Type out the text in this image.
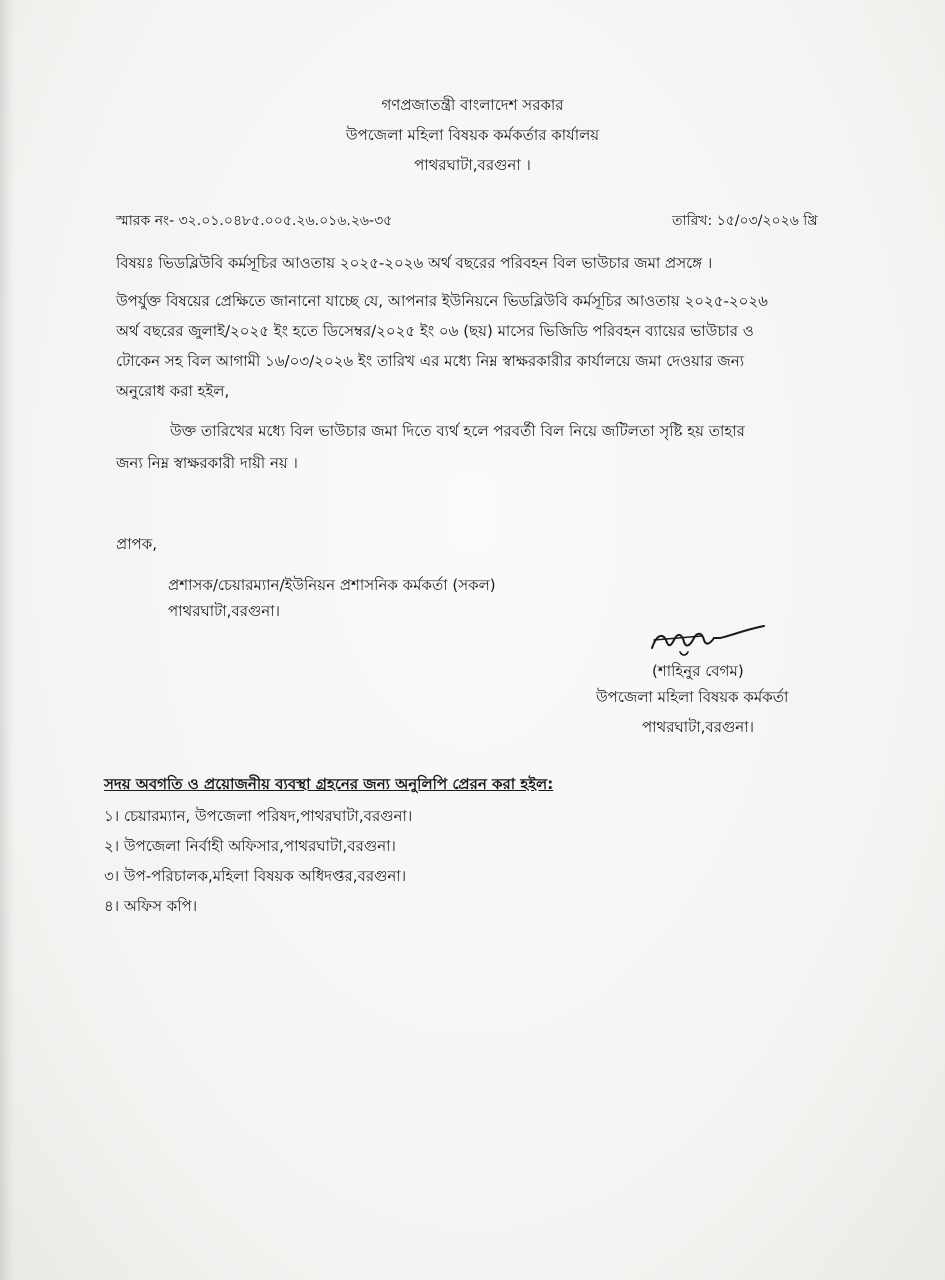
গণপ্রজাতন্ত্রী বাংলাদেশ সরকার
উপজেলা মহিলা বিষয়ক কর্মকর্তার কার্যালয়
পাথরঘাটা,বরগুনা ।
স্মারক নং- ৩২.০১.০৪৮৫.০০৫.২৬.০১৬.২৬-৩৫	তারিখ: ১৫/০৩/২০২৬ খ্রি
বিষয়ঃ ভিডব্লিউবি কর্মসূচির আওতায় ২০২৫-২০২৬ অর্থ বছরের পরিবহন বিল ভাউচার জমা প্রসঙ্গে ।
উপর্যুক্ত বিষয়ের প্রেক্ষিতে জানানো যাচ্ছে যে, আপনার ইউনিয়নে ভিডব্লিউবি কর্মসূচির আওতায় ২০২৫-২০২৬
অর্থ বছরের জুলাই/২০২৫ ইং হতে ডিসেম্বর/২০২৫ ইং ০৬ (ছয়) মাসের ভিজিডি পরিবহন ব্যায়ের ভাউচার ও
টোকেন সহ বিল আগামী ১৬/০৩/২০২৬ ইং তারিখ এর মধ্যে নিম্ন স্বাক্ষরকারীর কার্যালয়ে জমা দেওয়ার জন্য
অনুরোধ করা হইল,
উক্ত তারিখের মধ্যে বিল ভাউচার জমা দিতে ব্যর্থ হলে পরবর্তী বিল নিয়ে জটিলতা সৃষ্টি হয় তাহার
জন্য নিম্ন স্বাক্ষরকারী দায়ী নয় ।
প্রাপক,
প্রশাসক/চেয়ারম্যান/ইউনিয়ন প্রশাসনিক কর্মকর্তা (সকল)
পাথরঘাটা,বরগুনা।
(শাহিনুর বেগম)
উপজেলা মহিলা বিষয়ক কর্মকর্তা
পাথরঘাটা,বরগুনা।
সদয় অবগতি ও প্রয়োজনীয় ব্যবস্থা গ্রহনের জন্য অনুলিপি প্রেরন করা হইল:
১। চেয়ারম্যান, উপজেলা পরিষদ,পাথরঘাটা,বরগুনা।
২। উপজেলা নির্বাহী অফিসার,পাথরঘাটা,বরগুনা।
৩। উপ-পরিচালক,মহিলা বিষয়ক অধিদপ্তর,বরগুনা।
৪। অফিস কপি।
